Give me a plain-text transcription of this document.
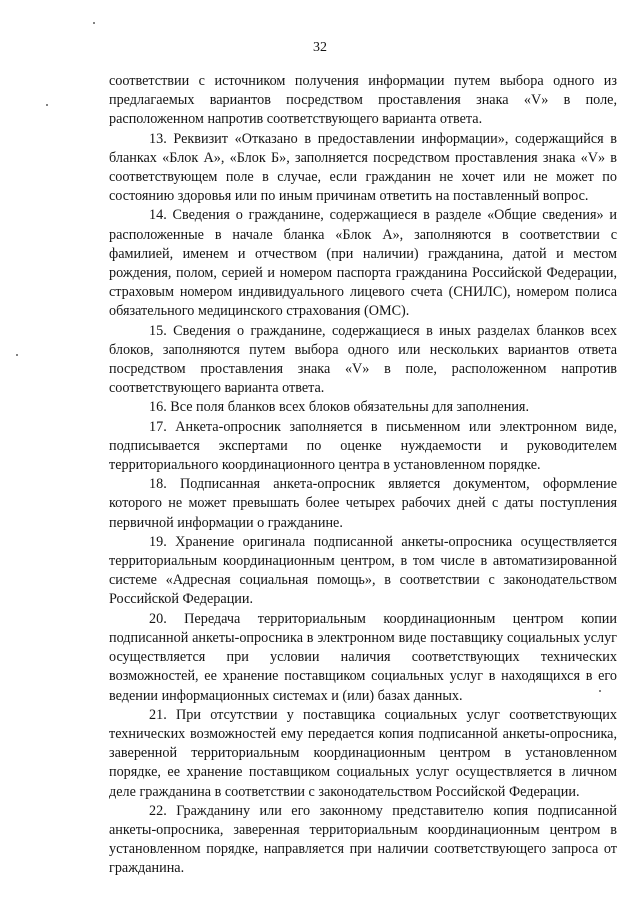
32

соответствии с источником получения информации путем выбора одного из предлагаемых вариантов посредством проставления знака «V» в поле, расположенном напротив соответствующего варианта ответа.

13. Реквизит «Отказано в предоставлении информации», содержащийся в бланках «Блок А», «Блок Б», заполняется посредством проставления знака «V» в соответствующем поле в случае, если гражданин не хочет или не может по состоянию здоровья или по иным причинам ответить на поставленный вопрос.

14. Сведения о гражданине, содержащиеся в разделе «Общие сведения» и расположенные в начале бланка «Блок А», заполняются в соответствии с фамилией, именем и отчеством (при наличии) гражданина, датой и местом рождения, полом, серией и номером паспорта гражданина Российской Федерации, страховым номером индивидуального лицевого счета (СНИЛС), номером полиса обязательного медицинского страхования (ОМС).

15. Сведения о гражданине, содержащиеся в иных разделах бланков всех блоков, заполняются путем выбора одного или нескольких вариантов ответа посредством проставления знака «V» в поле, расположенном напротив соответствующего варианта ответа.

16. Все поля бланков всех блоков обязательны для заполнения.

17. Анкета-опросник заполняется в письменном или электронном виде, подписывается экспертами по оценке нуждаемости и руководителем территориального координационного центра в установленном порядке.

18. Подписанная анкета-опросник является документом, оформление которого не может превышать более четырех рабочих дней с даты поступления первичной информации о гражданине.

19. Хранение оригинала подписанной анкеты-опросника осуществляется территориальным координационным центром, в том числе в автоматизированной системе «Адресная социальная помощь», в соответствии с законодательством Российской Федерации.

20. Передача территориальным координационным центром копии подписанной анкеты-опросника в электронном виде поставщику социальных услуг осуществляется при условии наличия соответствующих технических возможностей, ее хранение поставщиком социальных услуг в находящихся в его ведении информационных системах и (или) базах данных.

21. При отсутствии у поставщика социальных услуг соответствующих технических возможностей ему передается копия подписанной анкеты-опросника, заверенной территориальным координационным центром в установленном порядке, ее хранение поставщиком социальных услуг осуществляется в личном деле гражданина в соответствии с законодательством Российской Федерации.

22. Гражданину или его законному представителю копия подписанной анкеты-опросника, заверенная территориальным координационным центром в установленном порядке, направляется при наличии соответствующего запроса от гражданина.
